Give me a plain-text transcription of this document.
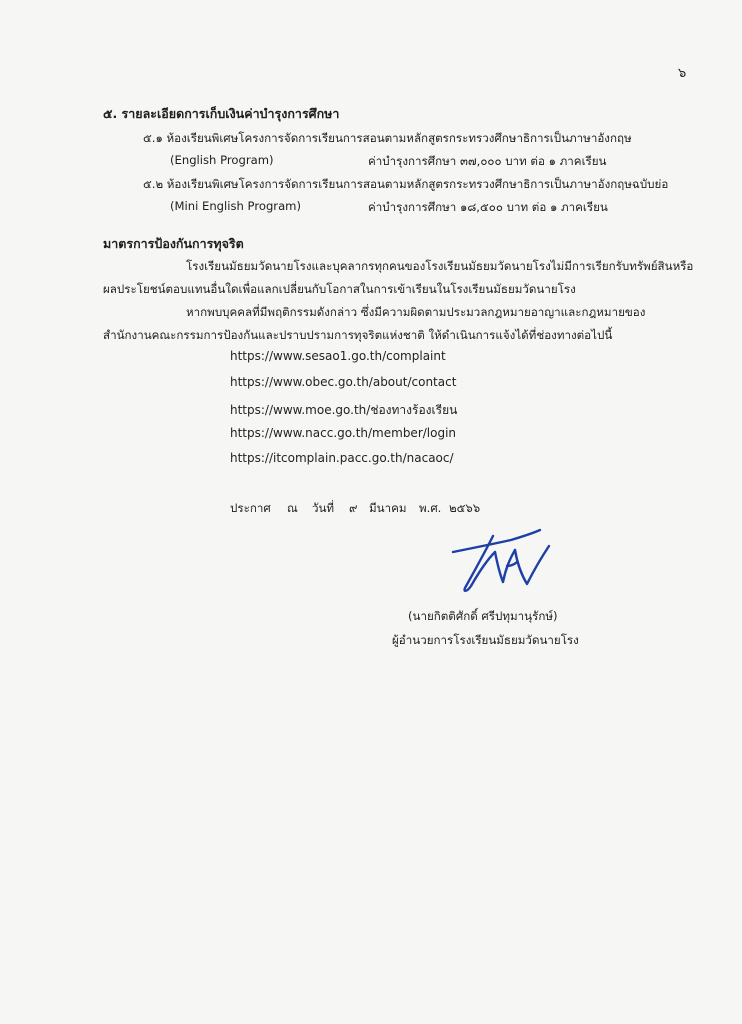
๖
๕. รายละเอียดการเก็บเงินค่าบำรุงการศึกษา
๕.๑ ห้องเรียนพิเศษโครงการจัดการเรียนการสอนตามหลักสูตรกระทรวงศึกษาธิการเป็นภาษาอังกฤษ
(English Program)	ค่าบำรุงการศึกษา ๓๗,๐๐๐ บาท ต่อ ๑ ภาคเรียน
๕.๒ ห้องเรียนพิเศษโครงการจัดการเรียนการสอนตามหลักสูตรกระทรวงศึกษาธิการเป็นภาษาอังกฤษฉบับย่อ
(Mini English Program)	ค่าบำรุงการศึกษา ๑๘,๕๐๐ บาท ต่อ ๑ ภาคเรียน
มาตรการป้องกันการทุจริต
โรงเรียนมัธยมวัดนายโรงและบุคลากรทุกคนของโรงเรียนมัธยมวัดนายโรงไม่มีการเรียกรับทรัพย์สินหรือ
ผลประโยชน์ตอบแทนอื่นใดเพื่อแลกเปลี่ยนกับโอกาสในการเข้าเรียนในโรงเรียนมัธยมวัดนายโรง
หากพบบุคคลที่มีพฤติกรรมดังกล่าว ซึ่งมีความผิดตามประมวลกฎหมายอาญาและกฎหมายของ
สำนักงานคณะกรรมการป้องกันและปราบปรามการทุจริตแห่งชาติ ให้ดำเนินการแจ้งได้ที่ช่องทางต่อไปนี้
https://www.sesao1.go.th/complaint
https://www.obec.go.th/about/contact
https://www.moe.go.th/ช่องทางร้องเรียน
https://www.nacc.go.th/member/login
https://itcomplain.pacc.go.th/nacaoc/
ประกาศ ณ วันที่ ๙ มีนาคม พ.ศ. ๒๕๖๖
(นายกิตติศักดิ์ ศรีปทุมานุรักษ์)
ผู้อำนวยการโรงเรียนมัธยมวัดนายโรง
